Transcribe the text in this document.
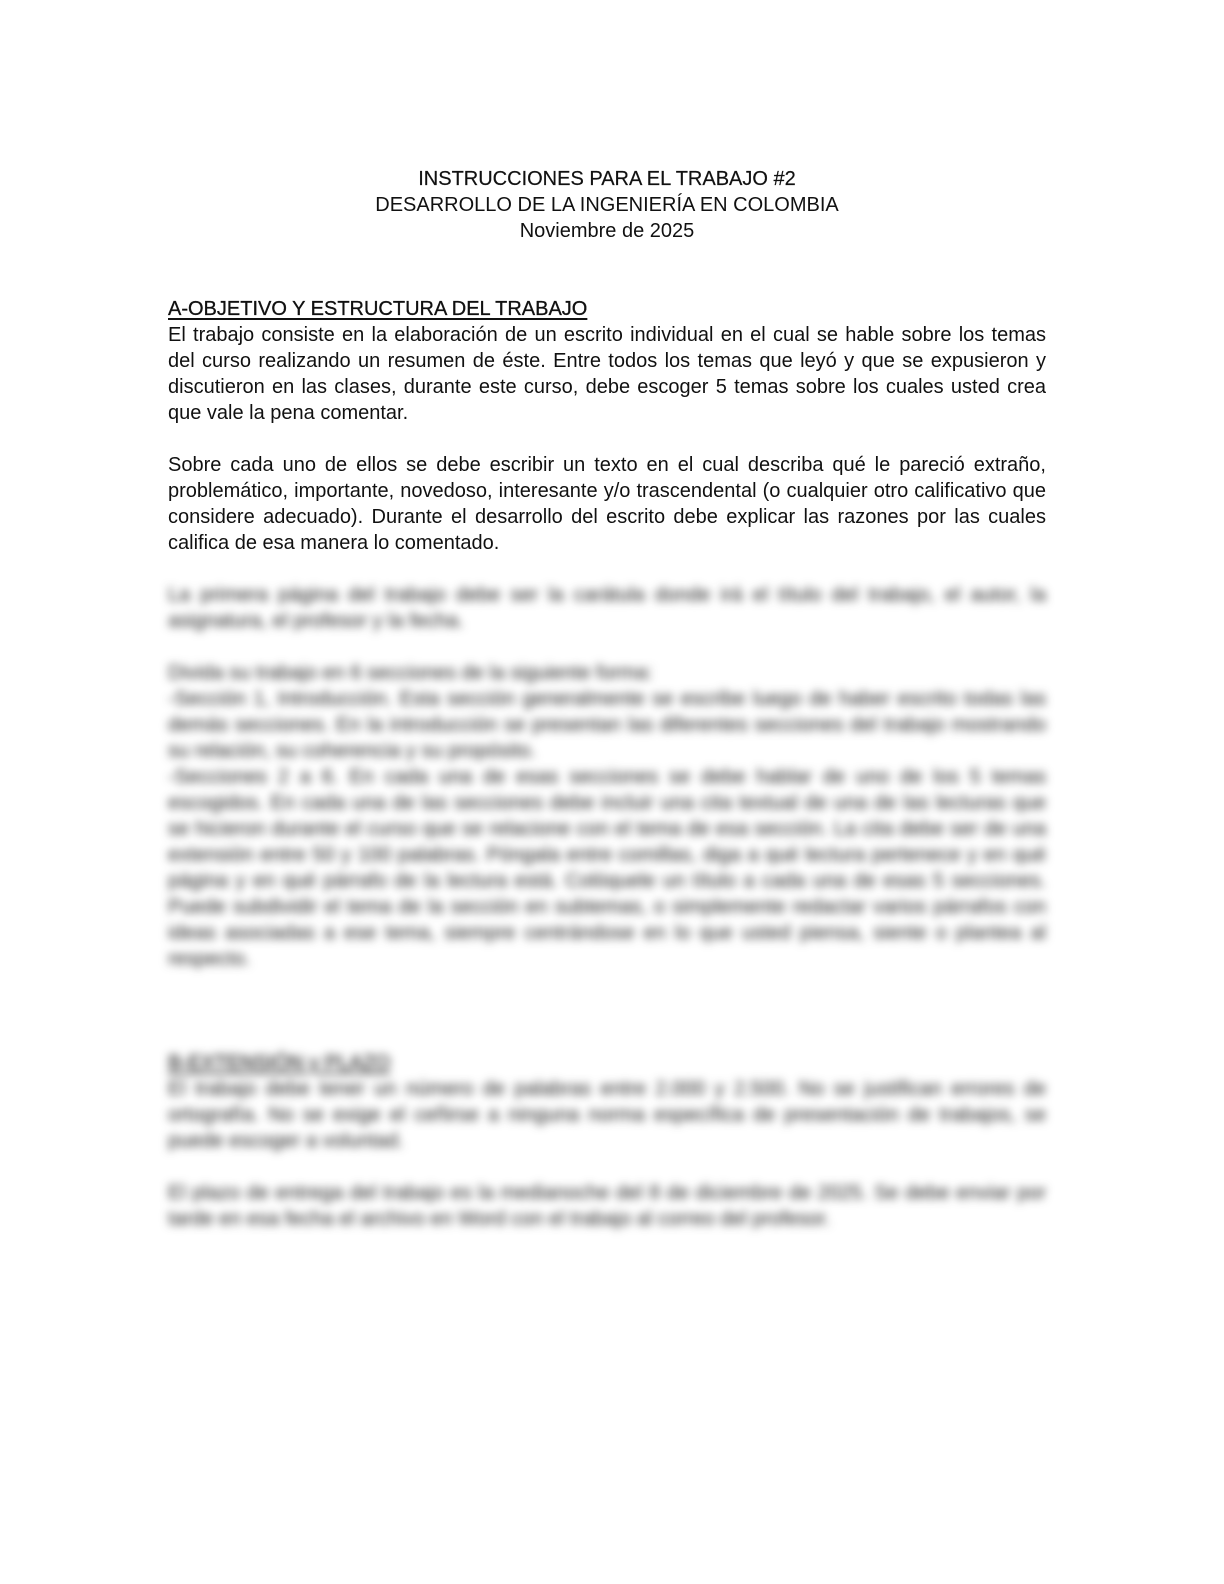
INSTRUCCIONES PARA EL TRABAJO #2
DESARROLLO DE LA INGENIERÍA EN COLOMBIA
Noviembre de 2025
A-OBJETIVO Y ESTRUCTURA DEL TRABAJO

El trabajo consiste en la elaboración de un escrito individual en el cual se hable sobre los temas del curso realizando un resumen de éste. Entre todos los temas que leyó y que se expusieron y discutieron en las clases, durante este curso, debe escoger 5 temas sobre los cuales usted crea que vale la pena comentar.

Sobre cada uno de ellos se debe escribir un texto en el cual describa qué le pareció extraño, problemático, importante, novedoso, interesante y/o trascendental (o cualquier otro calificativo que considere adecuado). Durante el desarrollo del escrito debe explicar las razones por las cuales califica de esa manera lo comentado.

La primera página del trabajo debe ser la carátula donde irá el título del trabajo, el autor, la asignatura, el profesor y la fecha.

Divida su trabajo en 6 secciones de la siguiente forma:

-Sección 1, Introducción. Esta sección generalmente se escribe luego de haber escrito todas las demás secciones. En la introducción se presentan las diferentes secciones del trabajo mostrando su relación, su coherencia y su propósito.

-Secciones 2 a 6. En cada una de esas secciones se debe hablar de uno de los 5 temas escogidos. En cada una de las secciones debe incluir una cita textual de una de las lecturas que se hicieron durante el curso que se relacione con el tema de esa sección. La cita debe ser de una extensión entre 50 y 100 palabras. Póngala entre comillas, diga a qué lectura pertenece y en qué página y en qué párrafo de la lectura está. Colóquele un título a cada una de esas 5 secciones. Puede subdividir el tema de la sección en subtemas, o simplemente redactar varios párrafos con ideas asociadas a ese tema, siempre centrándose en lo que usted piensa, siente o plantea al respecto.

B-EXTENSIÓN y PLAZO

El trabajo debe tener un número de palabras entre 2.000 y 2.500. No se justifican errores de ortografía. No se exige el ceñirse a ninguna norma específica de presentación de trabajos, se puede escoger a voluntad.

El plazo de entrega del trabajo es la medianoche del 8 de diciembre de 2025. Se debe enviar por tarde en esa fecha el archivo en Word con el trabajo al correo del profesor.
